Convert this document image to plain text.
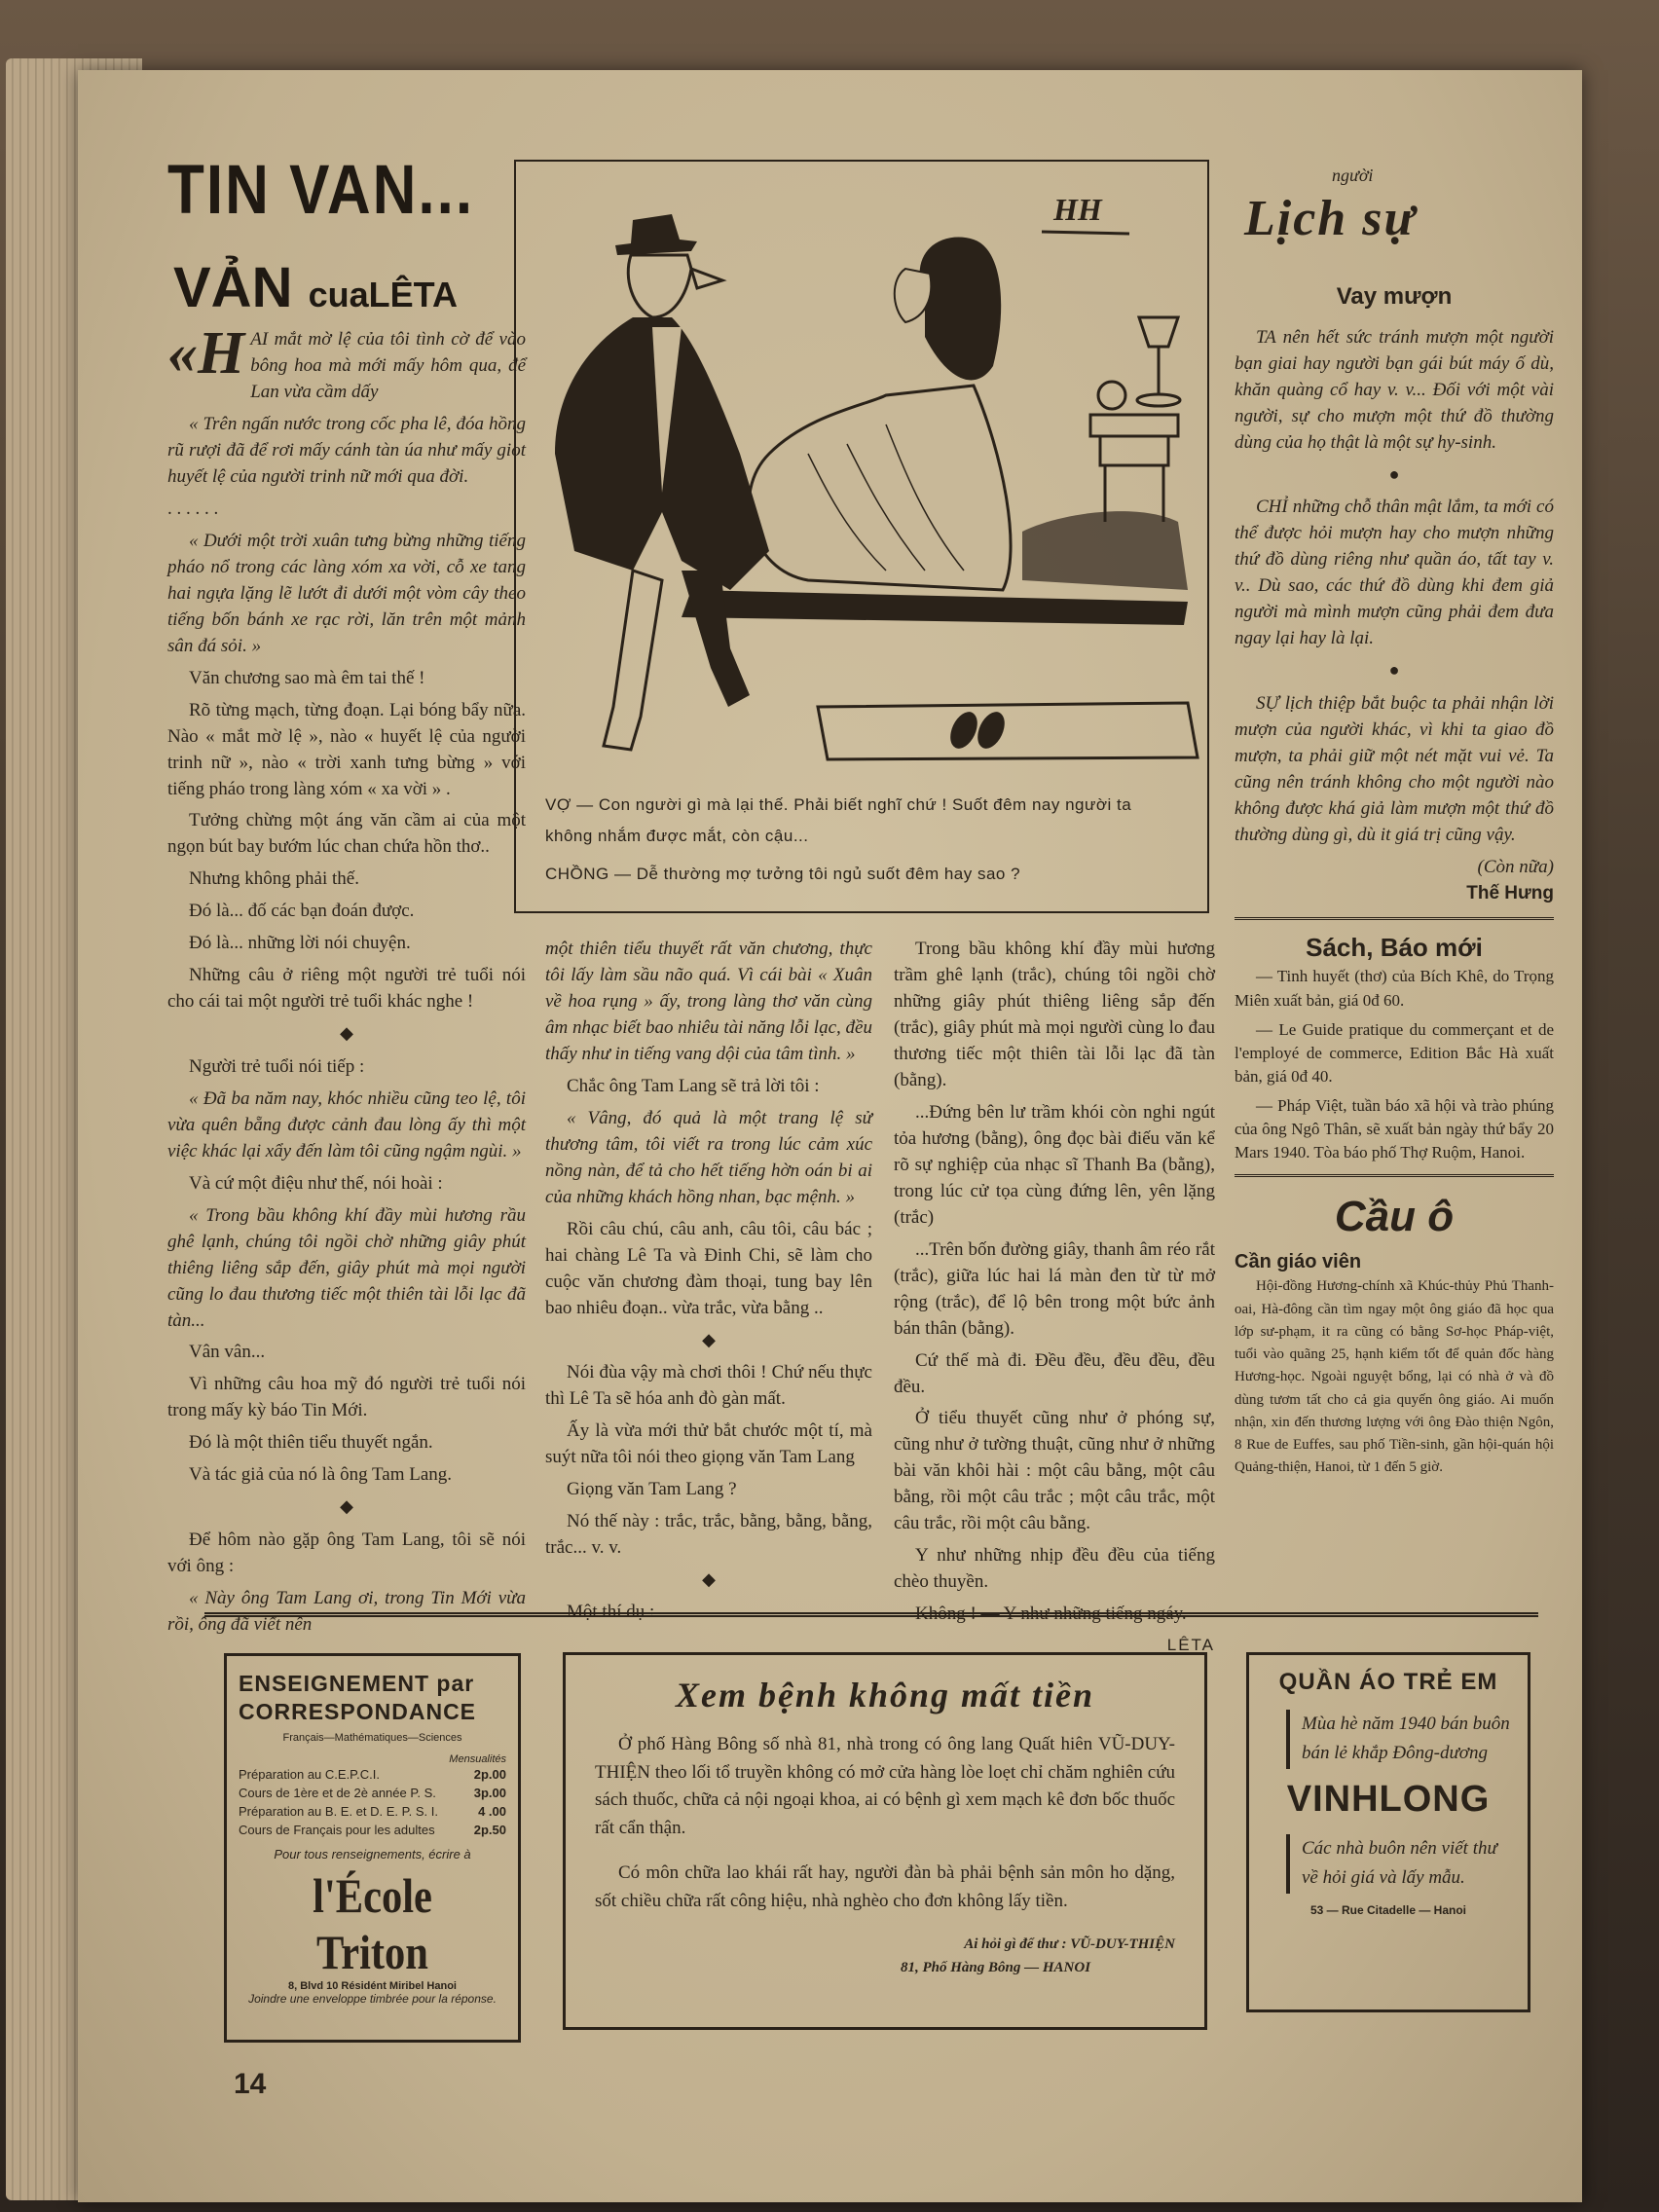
TIN VAN...
VẢN cuaLÊTA

«HAI mắt mờ lệ của tôi tình cờ để vào bông hoa mà mới mấy hôm qua, để Lan vừa cầm dấy

« Trên ngấn nước trong cốc pha lê, đóa hồng rũ rượi đã để rơi mấy cánh tàn úa như mấy giọt huyết lệ của người trinh nữ mới qua đời.

. . . . . .

« Dưới một trời xuân tưng bừng những tiếng pháo nổ trong các làng xóm xa vời, cỗ xe tang hai ngựa lặng lẽ lướt đi dưới một vòm cây theo tiếng bốn bánh xe rạc rời, lăn trên một mảnh sân đá sỏi. »

Văn chương sao mà êm tai thế !

Rõ từng mạch, từng đoạn. Lại bóng bẩy nữa. Nào « mắt mờ lệ », nào « huyết lệ của người trinh nữ », nào « trời xanh tưng bừng » với tiếng pháo trong làng xóm « xa vời » .

Tưởng chừng một áng văn cầm ai của một ngọn bút bay bướm lúc chan chứa hồn thơ..

Nhưng không phải thế.

Đó là... đố các bạn đoán được.

Đó là... những lời nói chuyện.

Những câu ở riêng một người trẻ tuổi nói cho cái tai một người trẻ tuổi khác nghe !

◆

Người trẻ tuổi nói tiếp :

« Đã ba năm nay, khóc nhiều cũng teo lệ, tôi vừa quên bẵng được cảnh đau lòng ấy thì một việc khác lại xẩy đến làm tôi cũng ngậm ngùi. »

Và cứ một điệu như thế, nói hoài :

« Trong bầu không khí đầy mùi hương rầu ghê lạnh, chúng tôi ngồi chờ những giây phút thiêng liêng sắp đến, giây phút mà mọi người cũng lo đau thương tiếc một thiên tài lỗi lạc đã tàn...

Vân vân...

Vì những câu hoa mỹ đó người trẻ tuổi nói trong mấy kỳ báo Tin Mới.

Đó là một thiên tiểu thuyết ngắn.

Và tác giả của nó là ông Tam Lang.

◆

Để hôm nào gặp ông Tam Lang, tôi sẽ nói với ông :

« Này ông Tam Lang ơi, trong Tin Mới vừa rồi, ông đã viết nên

HH
VỢ — Con người gì mà lại thế. Phải biết nghĩ chứ ! Suốt đêm nay người ta không nhắm được mắt, còn cậu...
CHỒNG — Dễ thường mợ tưởng tôi ngủ suốt đêm hay sao ?

một thiên tiểu thuyết rất văn chương, thực tôi lấy làm sầu não quá. Vì cái bài « Xuân về hoa rụng » ấy, trong làng thơ văn cùng âm nhạc biết bao nhiêu tài năng lỗi lạc, đều thấy như in tiếng vang dội của tâm tình. »

Chắc ông Tam Lang sẽ trả lời tôi :

« Vâng, đó quả là một trang lệ sử thương tâm, tôi viết ra trong lúc cảm xúc nồng nàn, để tả cho hết tiếng hờn oán bi ai của những khách hồng nhan, bạc mệnh. »

Rồi câu chú, câu anh, câu tôi, câu bác ; hai chàng Lê Ta và Đinh Chi, sẽ làm cho cuộc văn chương đàm thoại, tung bay lên bao nhiêu đoạn.. vừa trắc, vừa bằng ..

◆

Nói đùa vậy mà chơi thôi ! Chứ nếu thực thì Lê Ta sẽ hóa anh đò gàn mất.

Ấy là vừa mới thử bắt chước một tí, mà suýt nữa tôi nói theo giọng văn Tam Lang

Giọng văn Tam Lang ?

Nó thế này : trắc, trắc, bằng, bằng, bằng, trắc... v. v.

◆

Một thí dụ :

Trong bầu không khí đầy mùi hương trầm ghê lạnh (trắc), chúng tôi ngồi chờ những giây phút thiêng liêng sắp đến (trắc), giây phút mà mọi người cùng lo đau thương tiếc một thiên tài lỗi lạc đã tàn (bằng).

...Đứng bên lư trầm khói còn nghi ngút tỏa hương (bằng), ông đọc bài điếu văn kể rõ sự nghiệp của nhạc sĩ Thanh Ba (bằng), trong lúc cử tọa cùng đứng lên, yên lặng (trắc)

...Trên bốn đường giây, thanh âm réo rắt (trắc), giữa lúc hai lá màn đen từ từ mở rộng (trắc), để lộ bên trong một bức ảnh bán thân (bằng).

Cứ thế mà đi. Đều đều, đều đều, đều đều.

Ở tiểu thuyết cũng như ở phóng sự, cũng như ở tường thuật, cũng như ở những bài văn khôi hài : một câu bằng, một câu bằng, rồi một câu trắc ; một câu trắc, một câu trắc, rồi một câu bằng.

Y như những nhịp đều đều của tiếng chèo thuyền.

Không ! — Y như những tiếng ngáy.

LÊTA
người
Lịch sự
Vay mượn

TA nên hết sức tránh mượn một người bạn giai hay người bạn gái bút máy ố dù, khăn quàng cổ hay v. v... Đối với một vài người, sự cho mượn một thứ đồ thường dùng của họ thật là một sự hy-sinh.

●

CHỈ những chỗ thân mật lắm, ta mới có thể được hỏi mượn hay cho mượn những thứ đồ dùng riêng như quần áo, tất tay v. v.. Dù sao, các thứ đồ dùng khi đem giả người mà mình mượn cũng phải đem đưa ngay lại hay là lại.

●

SỰ lịch thiệp bắt buộc ta phải nhận lời mượn của người khác, vì khi ta giao đồ mượn, ta phải giữ một nét mặt vui vẻ. Ta cũng nên tránh không cho một người nào không được khá giả làm mượn một thứ đồ thường dùng gì, dù it giá trị cũng vậy.

(Còn nữa)
Thế Hưng
Sách, Báo mới

— Tinh huyết (thơ) của Bích Khê, do Trọng Miên xuất bản, giá 0đ 60.

— Le Guide pratique du commerçant et de l'employé de commerce, Edition Bắc Hà xuất bản, giá 0đ 40.

— Pháp Việt, tuần báo xã hội và trào phúng của ông Ngô Thân, sẽ xuất bản ngày thứ bẩy 20 Mars 1940. Tòa báo phố Thợ Ruộm, Hanoi.

Cầu ô
Cần giáo viên

Hội-đồng Hương-chính xã Khúc-thủy Phủ Thanh-oai, Hà-đông cần tìm ngay một ông giáo đã học qua lớp sư-phạm, it ra cũng có bằng Sơ-học Pháp-việt, tuổi vào quãng 25, hạnh kiểm tốt để quản đốc hàng Hương-học. Ngoài nguyệt bổng, lại có nhà ở và đồ dùng tươm tất cho cả gia quyến ông giáo. Ai muốn nhận, xin đến thương lượng với ông Đào thiện Ngôn, 8 Rue de Euffes, sau phố Tiền-sinh, gần hội-quán hội Quảng-thiện, Hanoi, từ 1 đến 5 giờ.

ENSEIGNEMENT par
CORRESPONDANCE
Français—Mathématiques—Sciences
Mensualités
Préparation au C.E.P.C.I.	2p.00
Cours de 1ère et de 2è année P. S.	3p.00
Préparation au B. E. et D. E. P. S. I.	4 .00
Cours de Français pour les adultes	2p.50
Pour tous renseignements, écrire à
l'École Triton
8, Blvd 10 Résidént Miribel Hanoi
Joindre une enveloppe timbrée pour la réponse.
Xem bệnh không mất tiền

Ở phố Hàng Bông số nhà 81, nhà trong có ông lang Quất hiên VŨ-DUY-THIỆN theo lối tổ truyền không có mở cửa hàng lòe loẹt chỉ chăm nghiên cứu sách thuốc, chữa cả nội ngoại khoa, ai có bệnh gì xem mạch kê đơn bốc thuốc rất cẩn thận.

Có môn chữa lao khái rất hay, người đàn bà phải bệnh sản môn ho dặng, sốt chiều chữa rất công hiệu, nhà nghèo cho đơn không lấy tiền.

Ai hỏi gì để thư : VŨ-DUY-THIỆN

81, Phố Hàng Bông — HANOI

QUẦN ÁO TRẺ EM
Mùa hè năm 1940 bán buôn bán lẻ khắp Đông-dương
VINHLONG
Các nhà buôn nên viết thư về hỏi giá và lấy mẫu.
53 — Rue Citadelle — Hanoi
14
